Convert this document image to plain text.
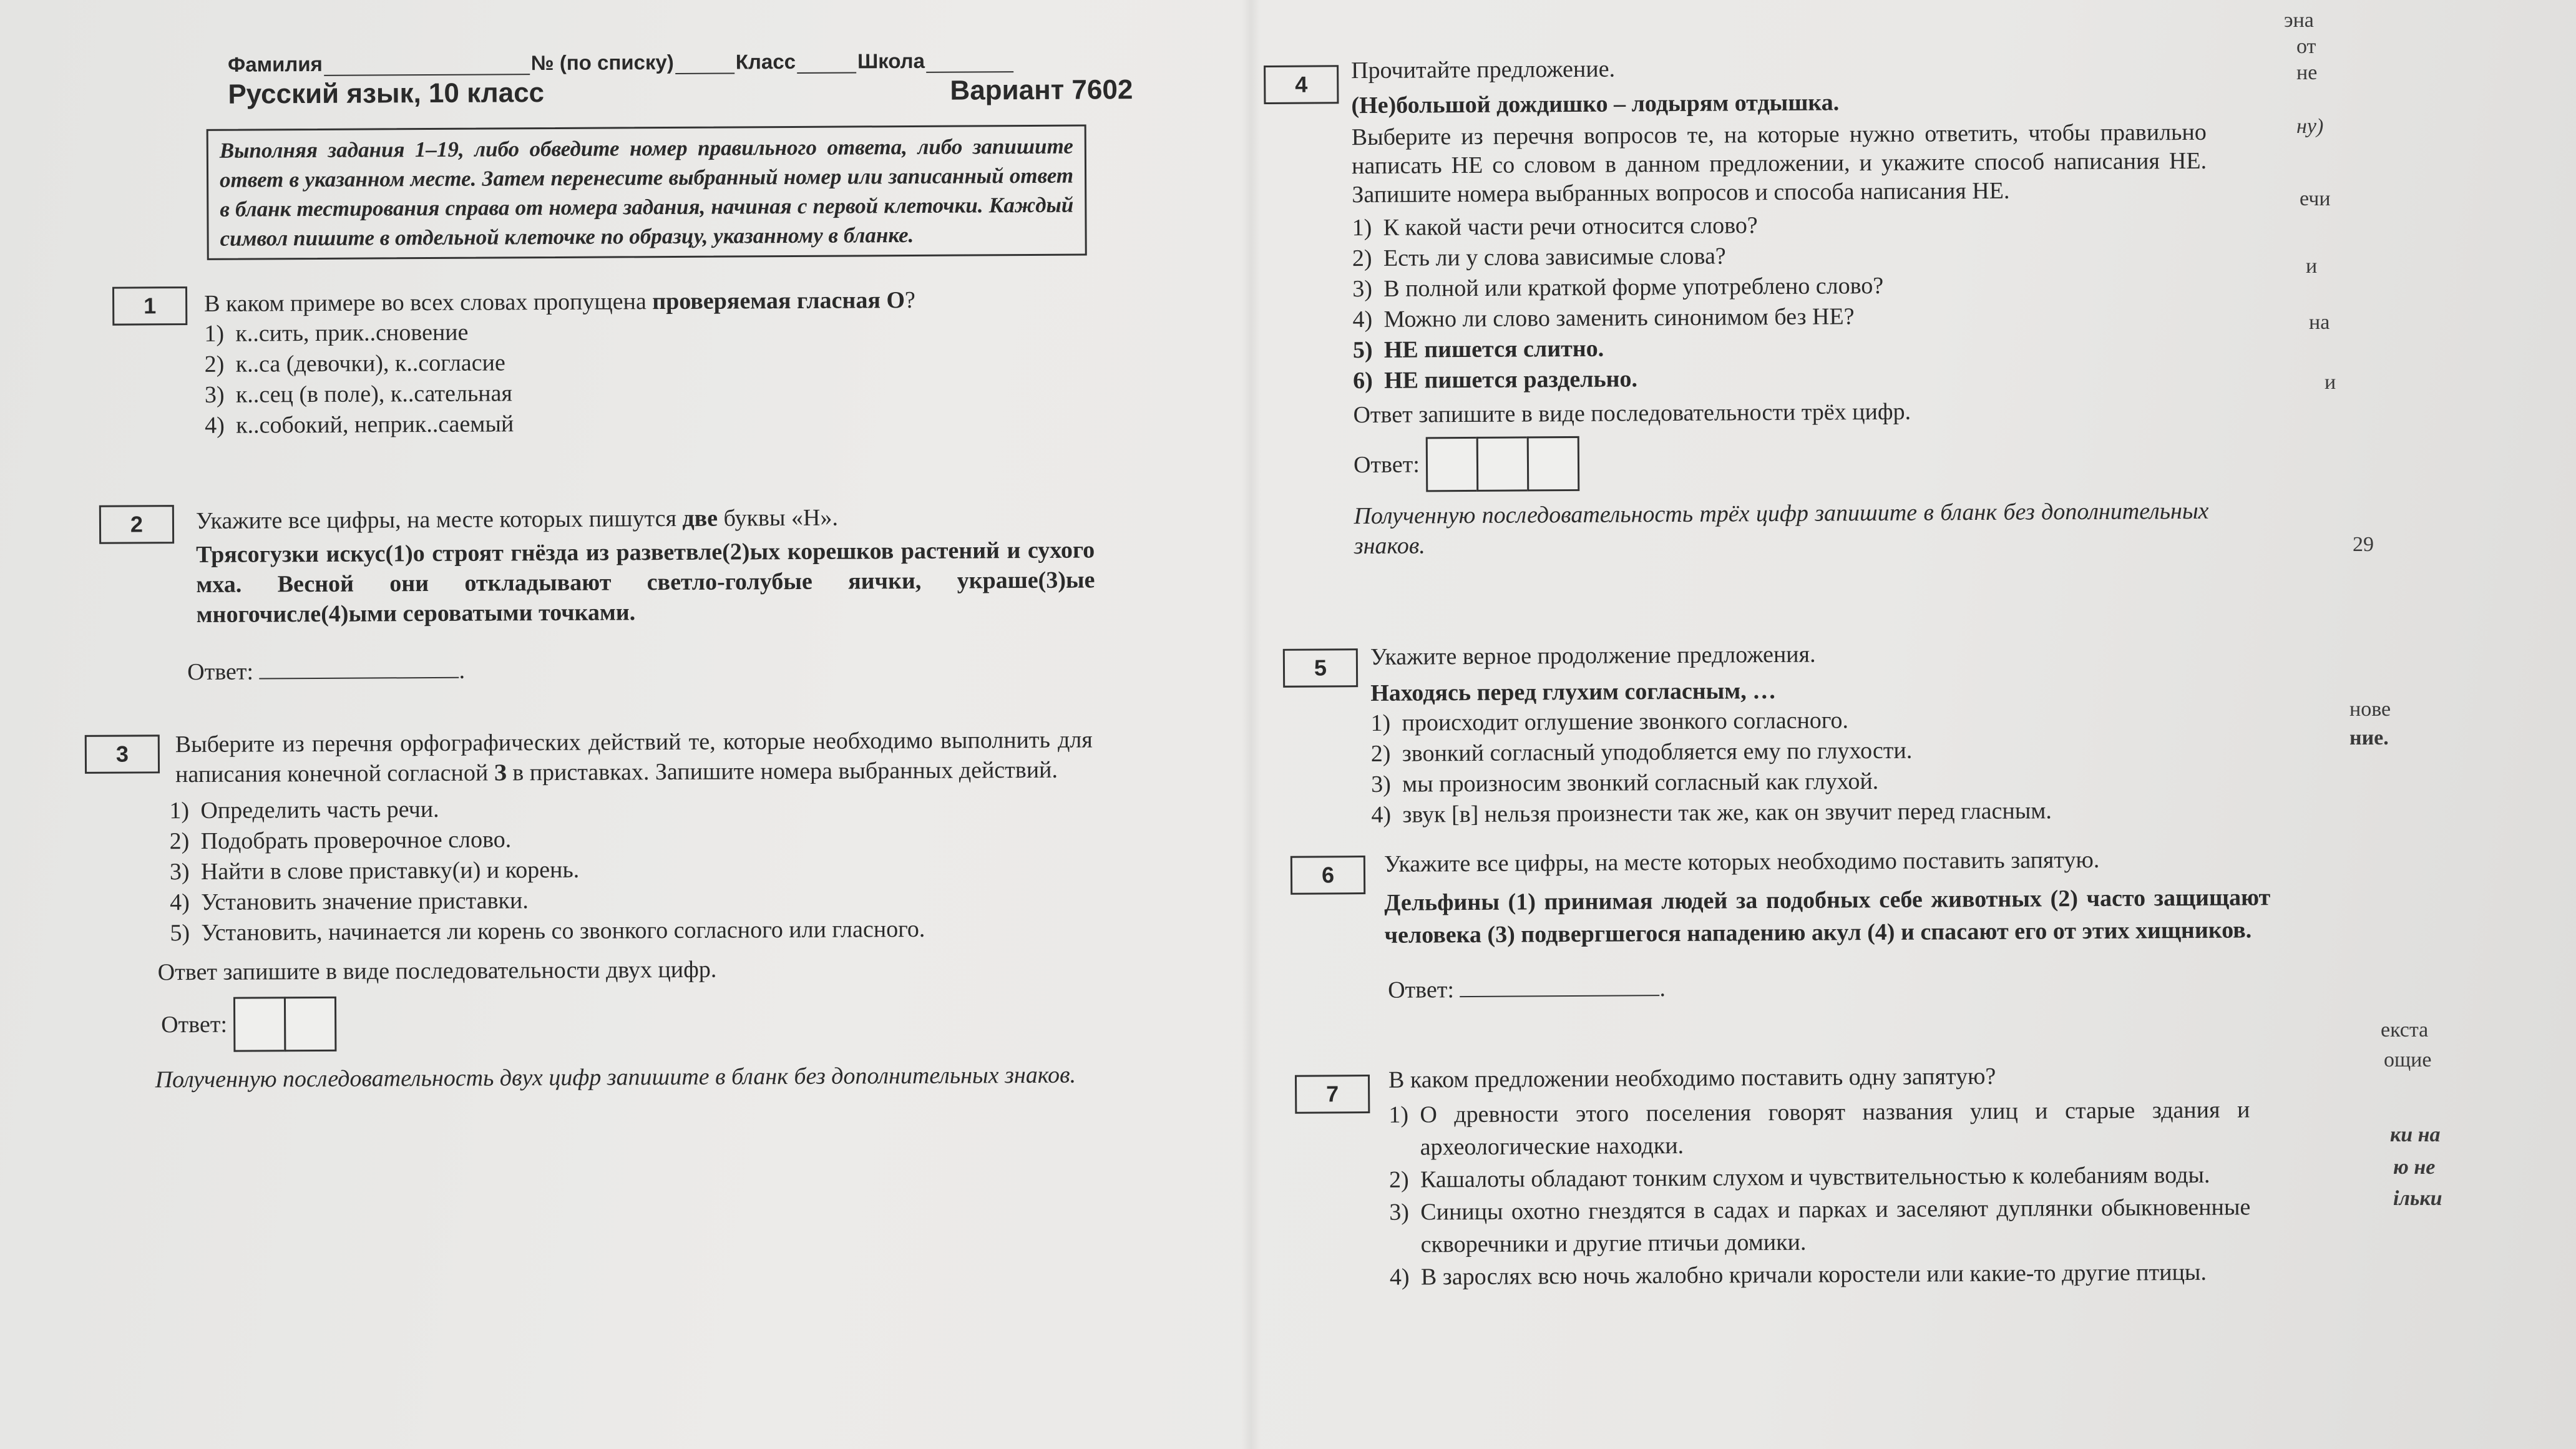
Фамилия	№ (по списку)	Класс	Школа
Русский язык, 10 класс	Вариант 7602
Выполняя задания 1–19, либо обведите номер правильного ответа, либо запишите ответ в указанном месте. Затем перенесите выбранный номер или записанный ответ в бланк тестирования справа от номера задания, начиная с первой клеточки. Каждый символ пишите в отдельной клеточке по образцу, указанному в бланке.
1	В каком примере во всех словах пропущена проверяемая гласная О?
1) к..сить, прик..сновение
2) к..са (девочки), к..согласие
3) к..сец (в поле), к..сательная
4) к..собокий, неприк..саемый
2	Укажите все цифры, на месте которых пишутся две буквы «Н».
Трясогузки искус(1)о строят гнёзда из разветвле(2)ых корешков растений и сухого мха. Весной они откладывают светло-голубые яички, украше(3)ые многочисле(4)ыми сероватыми точками.
Ответ:	.
3	Выберите из перечня орфографических действий те, которые необходимо выполнить для написания конечной согласной З в приставках. Запишите номера выбранных действий.
1) Определить часть речи.
2) Подобрать проверочное слово.
3) Найти в слове приставку(и) и корень.
4) Установить значение приставки.
5) Установить, начинается ли корень со звонкого согласного или гласного.
Ответ запишите в виде последовательности двух цифр.
Ответ:
Полученную последовательность двух цифр запишите в бланк без дополнительных знаков.
4
Прочитайте предложение.
(Не)большой дождишко – лодырям отдышка.
Выберите из перечня вопросов те, на которые нужно ответить, чтобы правильно написать НЕ со словом в данном предложении, и укажите способ написания НЕ. Запишите номера выбранных вопросов и способа написания НЕ.
1) К какой части речи относится слово?
2) Есть ли у слова зависимые слова?
3) В полной или краткой форме употреблено слово?
4) Можно ли слово заменить синонимом без НЕ?
5) НЕ пишется слитно.
6) НЕ пишется раздельно.
Ответ запишите в виде последовательности трёх цифр.
Ответ:
Полученную последовательность трёх цифр запишите в бланк без дополнительных знаков.
5	Укажите верное продолжение предложения.
Находясь перед глухим согласным, …
1) происходит оглушение звонкого согласного.
2) звонкий согласный уподобляется ему по глухости.
3) мы произносим звонкий согласный как глухой.
4) звук [в] нельзя произнести так же, как он звучит перед гласным.
6	Укажите все цифры, на месте которых необходимо поставить запятую.
Дельфины (1) принимая людей за подобных себе животных (2) часто защищают человека (3) подвергшегося нападению акул (4) и спасают его от этих хищников.
Ответ:	.
7
В каком предложении необходимо поставить одну запятую?
1) О древности этого поселения говорят названия улиц и старые здания и археологические находки.
2) Кашалоты обладают тонким слухом и чувствительностью к колебаниям воды.
3) Синицы охотно гнездятся в садах и парках и заселяют дуплянки обыкновенные скворечники и другие птичьи домики.
4) В зарослях всю ночь жалобно кричали коростели или какие-то другие птицы.
эна
от
не
ну)
ечи
и
на
и
29
нове
ние.
екста
ощие
ки на
ю не
ільки
